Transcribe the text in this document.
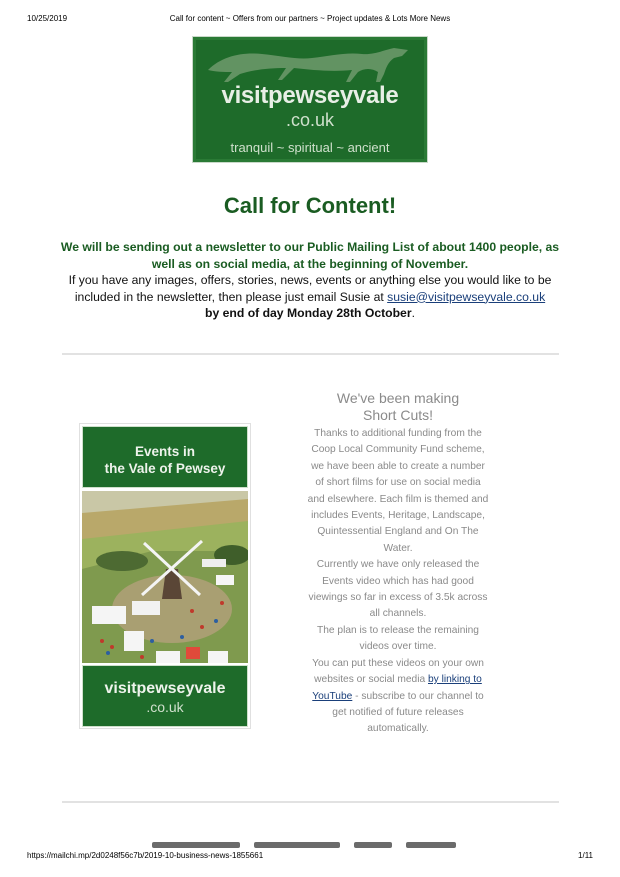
10/25/2019	Call for content ~ Offers from our partners ~ Project updates & Lots More News
visitpewseyvale
.co.uk
tranquil ~ spiritual ~ ancient
Call for Content!
We will be sending out a newsletter to our Public Mailing List of about 1400 people, as well as on social media, at the beginning of November.
If you have any images, offers, stories, news, events or anything else you would like to be included in the newsletter, then please just email Susie at susie@visitpewseyvale.co.uk
by end of day Monday 28th October.
Events in
the Vale of Pewsey
visitpewseyvale
.co.uk
We've been making
Short Cuts!
Thanks to additional funding from the Coop Local Community Fund scheme, we have been able to create a number of short films for use on social media and elsewhere. Each film is themed and includes Events, Heritage, Landscape, Quintessential England and On The Water.
Currently we have only released the Events video which has had good viewings so far in excess of 3.5k across all channels.
The plan is to release the remaining videos over time.
You can put these videos on your own websites or social media by linking to YouTube - subscribe to our channel to get notified of future releases automatically.
https://mailchi.mp/2d0248f56c7b/2019-10-business-news-1855661	1/11
